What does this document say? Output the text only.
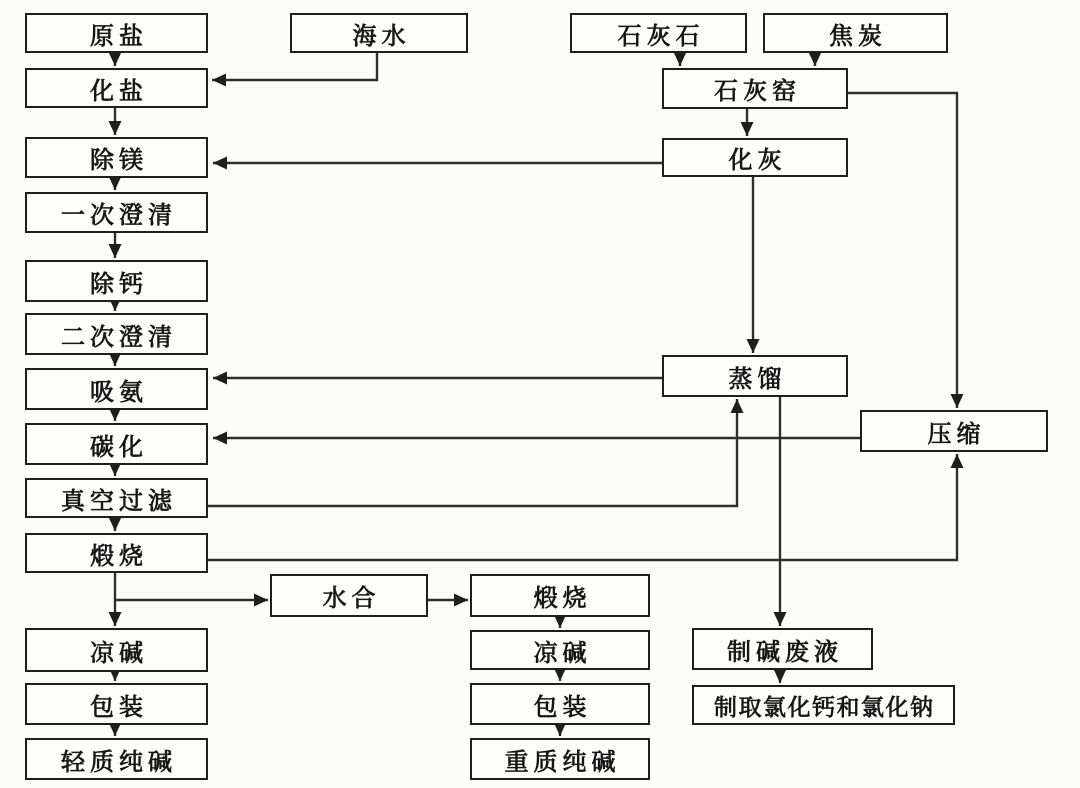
原盐	海水	石灰石	焦炭
化盐
除镁
一次澄清
除钙
二次澄清
吸氨
碳化
真空过滤
煅烧
凉碱
包装
轻质纯碱
石灰窑
化灰
蒸馏
压缩
水合	煅烧
凉碱
包装
重质纯碱
制碱废液
制取氯化钙和氯化钠
